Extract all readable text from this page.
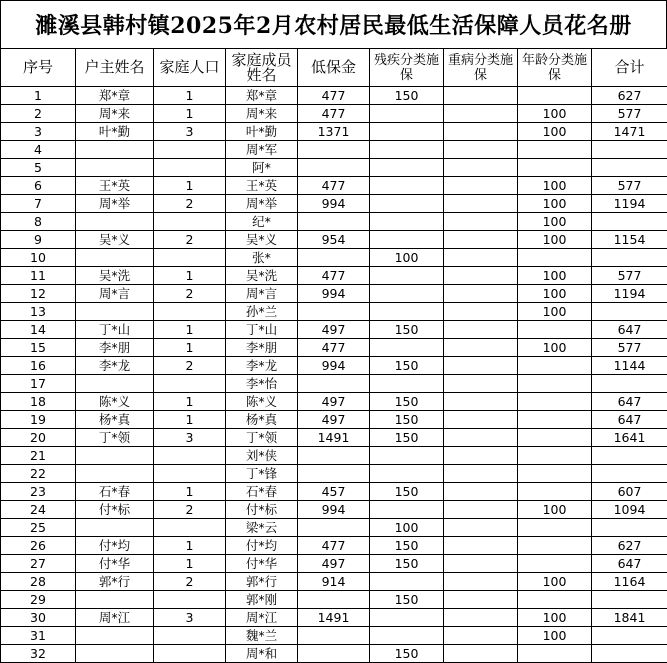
濉溪县韩村镇2025年2月农村居民最低生活保障人员花名册
序号	户主姓名	家庭人口	家庭成员姓名	低保金	残疾分类施保	重病分类施保	年龄分类施保	合计
1	郑*章	1	郑*章	477	150			627
2	周*来	1	周*来	477			100	577
3	叶*勤	3	叶*勤	1371			100	1471
4			周*军					
5			阿*					
6	王*英	1	王*英	477			100	577
7	周*举	2	周*举	994			100	1194
8			纪*				100	
9	吴*义	2	吴*义	954			100	1154
10			张*		100			
11	吴*洗	1	吴*洗	477			100	577
12	周*言	2	周*言	994			100	1194
13			孙*兰				100	
14	丁*山	1	丁*山	497	150			647
15	李*朋	1	李*朋	477			100	577
16	李*龙	2	李*龙	994	150			1144
17			李*怡					
18	陈*义	1	陈*义	497	150			647
19	杨*真	1	杨*真	497	150			647
20	丁*领	3	丁*领	1491	150			1641
21			刘*侠					
22			丁*锋					
23	石*春	1	石*春	457	150			607
24	付*标	2	付*标	994			100	1094
25			梁*云		100			
26	付*均	1	付*均	477	150			627
27	付*华	1	付*华	497	150			647
28	郭*行	2	郭*行	914			100	1164
29			郭*刚		150			
30	周*江	3	周*江	1491			100	1841
31			魏*兰				100	
32			周*和		150			
